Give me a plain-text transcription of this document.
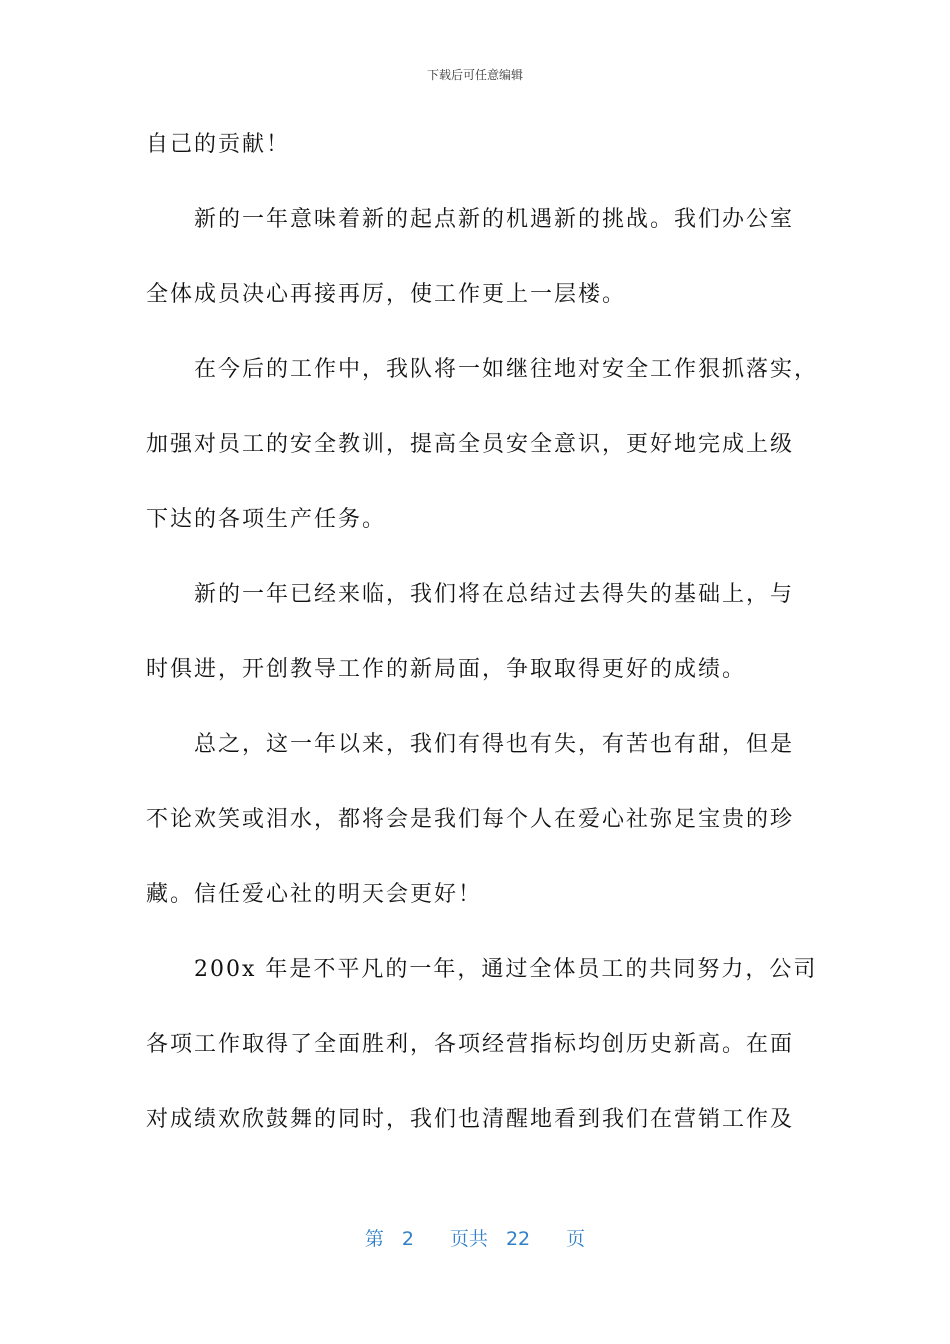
下载后可任意编辑
自己的贡献！
新的一年意味着新的起点新的机遇新的挑战。我们办公室
全体成员决心再接再厉，使工作更上一层楼。
在今后的工作中，我队将一如继往地对安全工作狠抓落实，
加强对员工的安全教训，提高全员安全意识，更好地完成上级
下达的各项生产任务。
新的一年已经来临，我们将在总结过去得失的基础上，与
时俱进，开创教导工作的新局面，争取取得更好的成绩。
总之，这一年以来，我们有得也有失，有苦也有甜，但是
不论欢笑或泪水，都将会是我们每个人在爱心社弥足宝贵的珍
藏。信任爱心社的明天会更好！
200x 年是不平凡的一年，通过全体员工的共同努力，公司
各项工作取得了全面胜利，各项经营指标均创历史新高。在面
对成绩欢欣鼓舞的同时，我们也清醒地看到我们在营销工作及
第 2 页共 22 页
